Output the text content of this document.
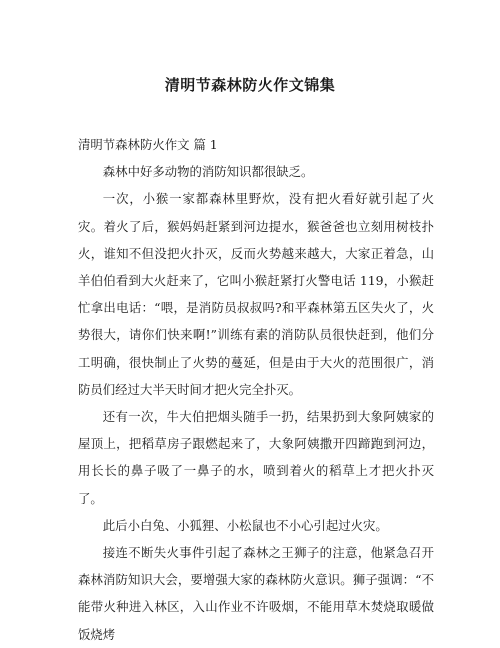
清明节森林防火作文锦集

清明节森林防火作文 篇 1

森林中好多动物的消防知识都很缺乏。

一次，小猴一家都森林里野炊，没有把火看好就引起了火灾。着火了后，猴妈妈赶紧到河边提水，猴爸爸也立刻用树枝扑火，谁知不但没把火扑灭，反而火势越来越大，大家正着急，山羊伯伯看到大火赶来了，它叫小猴赶紧打火警电话 119，小猴赶忙拿出电话：“喂，是消防员叔叔吗?和平森林第五区失火了，火势很大，请你们快来啊!”训练有素的消防队员很快赶到，他们分工明确，很快制止了火势的蔓延，但是由于大火的范围很广，消防员们经过大半天时间才把火完全扑灭。

还有一次，牛大伯把烟头随手一扔，结果扔到大象阿姨家的屋顶上，把稻草房子跟燃起来了，大象阿姨撒开四蹄跑到河边，用长长的鼻子吸了一鼻子的水，喷到着火的稻草上才把火扑灭了。

此后小白兔、小狐狸、小松鼠也不小心引起过火灾。

接连不断失火事件引起了森林之王狮子的注意，他紧急召开森林消防知识大会，要增强大家的森林防火意识。狮子强调：“不能带火种进入林区，入山作业不许吸烟，不能用草木焚烧取暖做饭烧烤
